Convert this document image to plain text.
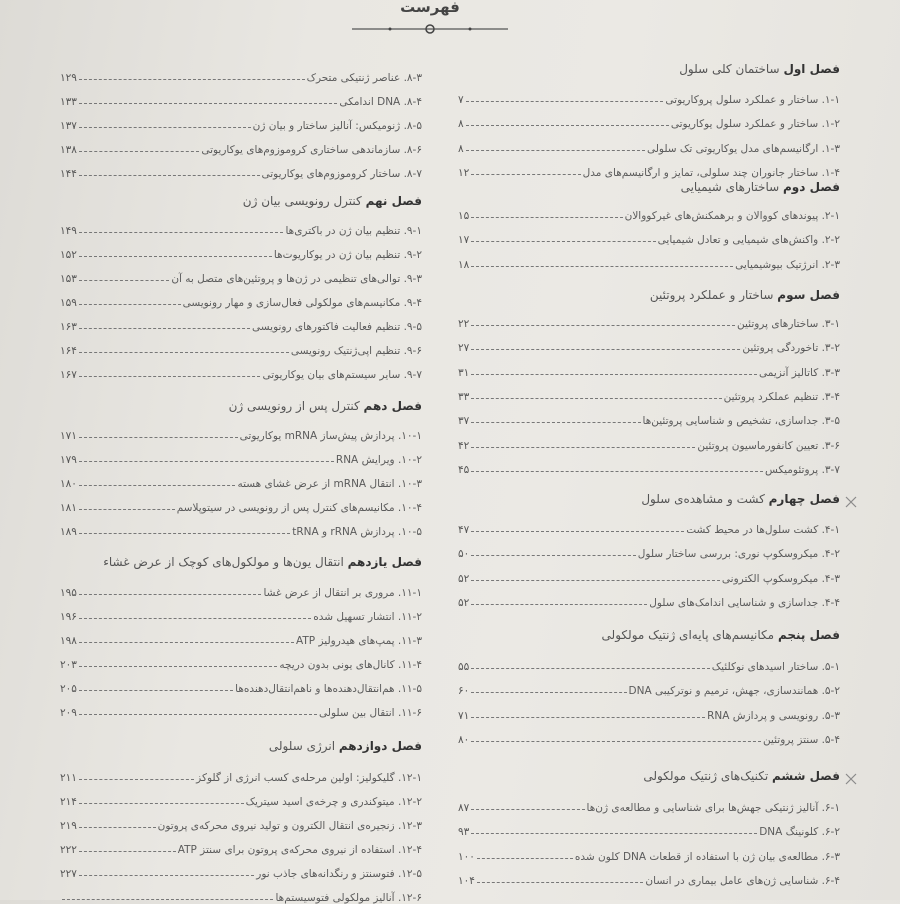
فهرست
فصل اول ساختمان کلی سلول
۱-۱. ساختار و عملکرد سلول پروکاریوتی
۷
۱-۲. ساختار و عملکرد سلول یوکاریوتی
۸
۱-۳. ارگانیسم‌های مدل یوکاریوتی تک سلولی
۸
۱-۴. ساختار جانوران چند سلولی، تمایز و ارگانیسم‌های مدل
۱۲
فصل دوم ساختارهای شیمیایی
۲-۱. پیوندهای کووالان و برهمکنش‌های غیرکووالان
۱۵
۲-۲. واکنش‌های شیمیایی و تعادل شیمیایی
۱۷
۲-۳. انرژتیک بیوشیمیایی
۱۸
فصل سوم ساختار و عملکرد پروتئین
۳-۱. ساختارهای پروتئین
۲۲
۳-۲. تاخوردگی پروتئین
۲۷
۳-۳. کاتالیز آنزیمی
۳۱
۳-۴. تنظیم عملکرد پروتئین
۳۳
۳-۵. جداسازی، تشخیص و شناسایی پروتئین‌ها
۳۷
۳-۶. تعیین کانفورماسیون پروتئین
۴۲
۳-۷. پروتئومیکس
۴۵
فصل چهارم کشت و مشاهده‌ی سلول
۴-۱. کشت سلول‌ها در محیط کشت
۴۷
۴-۲. میکروسکوپ نوری: بررسی ساختار سلول
۵۰
۴-۳. میکروسکوپ الکترونی
۵۲
۴-۴. جداسازی و شناسایی اندامک‌های سلول
۵۲
فصل پنجم مکانیسم‌های پایه‌ای ژنتیک مولکولی
۵-۱. ساختار اسیدهای نوکلئیک
۵۵
۵-۲. همانندسازی، جهش، ترمیم و نوترکیبی DNA
۶۰
۵-۳. رونویسی و پردازش RNA
۷۱
۵-۴. سنتز پروتئین
۸۰
فصل ششم تکنیک‌های ژنتیک مولکولی
۶-۱. آنالیز ژنتیکی جهش‌ها برای شناسایی و مطالعه‌ی ژن‌ها
۸۷
۶-۲. کلونینگ DNA
۹۳
۶-۳. مطالعه‌ی بیان ژن با استفاده از قطعات DNA کلون شده
۱۰۰
۶-۴. شناسایی ژن‌های عامل بیماری در انسان
۱۰۴
۸-۳. عناصر ژنتیکی متحرک
۱۲۹
۸-۴. DNA اندامکی
۱۳۳
۸-۵. ژنومیکس: آنالیز ساختار و بیان ژن
۱۳۷
۸-۶. سازماندهی ساختاری کروموزوم‌های یوکاریوتی
۱۳۸
۸-۷. ساختار کروموزوم‌های یوکاریوتی
۱۴۴
فصل نهم کنترل رونویسی بیان ژن
۹-۱. تنظیم بیان ژن در باکتری‌ها
۱۴۹
۹-۲. تنظیم بیان ژن در یوکاریوت‌ها
۱۵۲
۹-۳. توالی‌های تنظیمی در ژن‌ها و پروتئین‌های متصل به آن
۱۵۳
۹-۴. مکانیسم‌های مولکولی فعال‌سازی و مهار رونویسی
۱۵۹
۹-۵. تنظیم فعالیت فاکتورهای رونویسی
۱۶۳
۹-۶. تنظیم اپی‌ژنتیک رونویسی
۱۶۴
۹-۷. سایر سیستم‌های بیان یوکاریوتی
۱۶۷
فصل دهم کنترل پس از رونویسی ژن
۱۰-۱. پردازش پیش‌ساز mRNA یوکاریوتی
۱۷۱
۱۰-۲. ویرایش RNA
۱۷۹
۱۰-۳. انتقال mRNA از عرض غشای هسته
۱۸۰
۱۰-۴. مکانیسم‌های کنترل پس از رونویسی در سیتوپلاسم
۱۸۱
۱۰-۵. پردازش rRNA و tRNA
۱۸۹
فصل یازدهم انتقال یون‌ها و مولکول‌های کوچک از عرض غشاء
۱۱-۱. مروری بر انتقال از عرض غشا
۱۹۵
۱۱-۲. انتشار تسهیل شده
۱۹۶
۱۱-۳. پمپ‌های هیدرولیز ATP
۱۹۸
۱۱-۴. کانال‌های یونی بدون دریچه
۲۰۳
۱۱-۵. هم‌انتقال‌دهنده‌ها و ناهم‌انتقال‌دهنده‌ها
۲۰۵
۱۱-۶. انتقال بین سلولی
۲۰۹
فصل دوازدهم انرژی سلولی
۱۲-۱. گلیکولیز: اولین مرحله‌ی کسب انرژی از گلوکز
۲۱۱
۱۲-۲. میتوکندری و چرخه‌ی اسید سیتریک
۲۱۴
۱۲-۳. زنجیره‌ی انتقال الکترون و تولید نیروی محرکه‌ی پروتون
۲۱۹
۱۲-۴. استفاده از نیروی محرکه‌ی پروتون برای سنتز ATP
۲۲۲
۱۲-۵. فتوسنتز و رنگدانه‌های جاذب نور
۲۲۷
۱۲-۶. آنالیز مولکولی فتوسیستم‌ها
